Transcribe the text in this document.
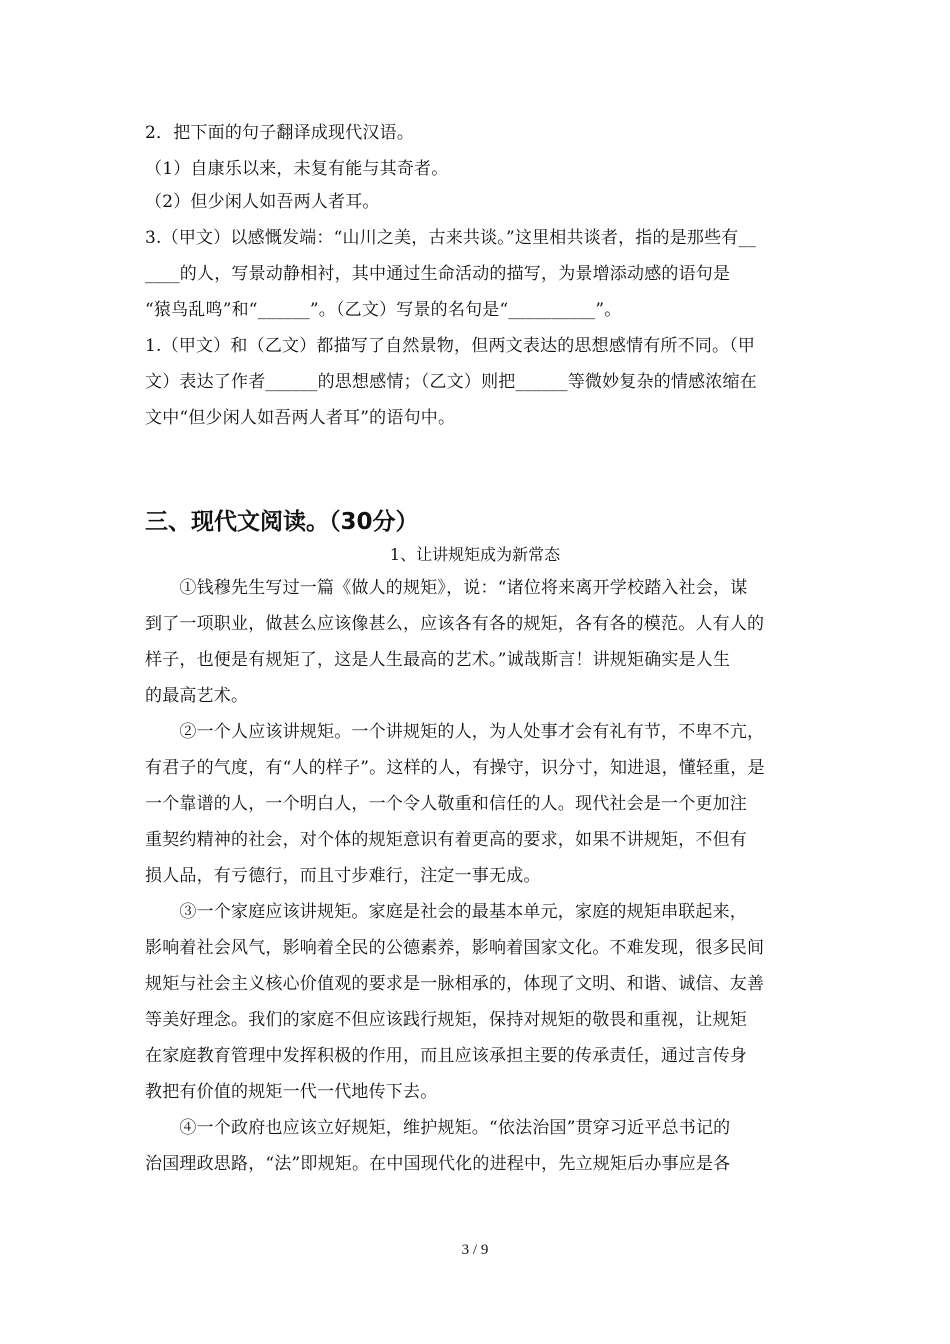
2．把下面的句子翻译成现代汉语。
（1）自康乐以来，未复有能与其奇者。
（2）但少闲人如吾两人者耳。
3.（甲文）以感慨发端：“山川之美，古来共谈。”这里相共谈者，指的是那些有__
____的人，写景动静相衬，其中通过生命活动的描写，为景增添动感的语句是
“猿鸟乱鸣”和“______”。（乙文）写景的名句是“__________”。
1.（甲文）和（乙文）都描写了自然景物，但两文表达的思想感情有所不同。（甲
文）表达了作者______的思想感情；（乙文）则把______等微妙复杂的情感浓缩在
文中“但少闲人如吾两人者耳”的语句中。
三、现代文阅读。（30分）
1、让讲规矩成为新常态
　　①钱穆先生写过一篇《做人的规矩》，说：“诸位将来离开学校踏入社会，谋
到了一项职业，做甚么应该像甚么，应该各有各的规矩，各有各的模范。人有人的
样子，也便是有规矩了，这是人生最高的艺术。”诚哉斯言！讲规矩确实是人生
的最高艺术。
　　②一个人应该讲规矩。一个讲规矩的人，为人处事才会有礼有节，不卑不亢，
有君子的气度，有“人的样子”。这样的人，有操守，识分寸，知进退，懂轻重，是
一个靠谱的人，一个明白人，一个令人敬重和信任的人。现代社会是一个更加注
重契约精神的社会，对个体的规矩意识有着更高的要求，如果不讲规矩，不但有
损人品，有亏德行，而且寸步难行，注定一事无成。
　　③一个家庭应该讲规矩。家庭是社会的最基本单元，家庭的规矩串联起来，
影响着社会风气，影响着全民的公德素养，影响着国家文化。不难发现，很多民间
规矩与社会主义核心价值观的要求是一脉相承的，体现了文明、和谐、诚信、友善
等美好理念。我们的家庭不但应该践行规矩，保持对规矩的敬畏和重视，让规矩
在家庭教育管理中发挥积极的作用，而且应该承担主要的传承责任，通过言传身
教把有价值的规矩一代一代地传下去。
　　④一个政府也应该立好规矩，维护规矩。“依法治国”贯穿习近平总书记的
治国理政思路，“法”即规矩。在中国现代化的进程中，先立规矩后办事应是各
3 / 9
